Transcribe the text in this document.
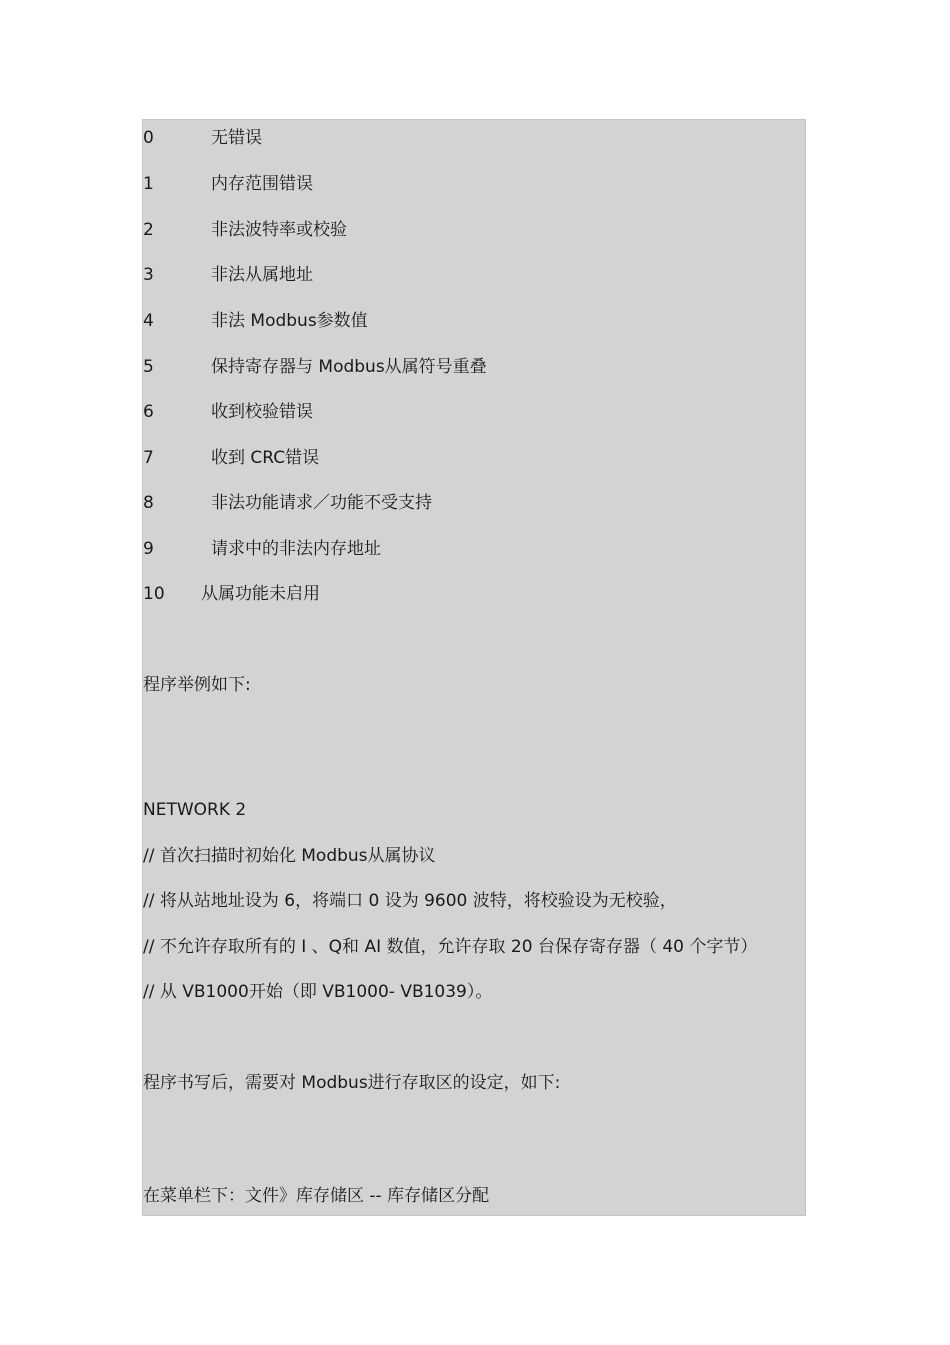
0	无错误
1	内存范围错误
2	非法波特率或校验
3	非法从属地址
4	非法 Modbus参数值
5	保持寄存器与 Modbus从属符号重叠
6	收到校验错误
7	收到 CRC错误
8	非法功能请求／功能不受支持
9	请求中的非法内存地址
10	从属功能未启用
程序举例如下:
NETWORK 2
// 首次扫描时初始化 Modbus从属协议
// 将从站地址设为 6，将端口 0 设为 9600 波特，将校验设为无校验，
// 不允许存取所有的 I 、Q和 AI 数值，允许存取 20 台保存寄存器（ 40 个字节）
// 从 VB1000开始（即 VB1000- VB1039）。
程序书写后，需要对 Modbus进行存取区的设定，如下:
在菜单栏下：文件》库存储区 -- 库存储区分配
